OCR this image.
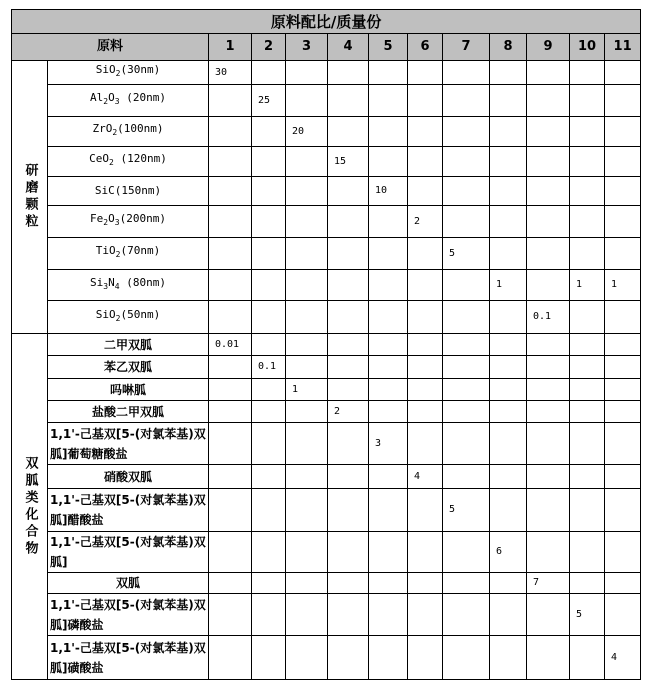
原料配比/质量份												
原料		1	2	3	4	5	6	7	8	9	10	11
研磨颗粒	SiO$_2$(30nm)	30										
	$Al_2O_3$ (20nm)		25									
	ZrO$_2$(100nm)			20								
	CeO$_2$ (120nm)				15							
	SiC(150nm)					10						
	$Fe_2O_3(200nm)$						2					
	TiO$_2$(70nm)							5				
	$Si_3N_4$ (80nm)								1		1	1
	SiO$_2$(50nm)									0.1		
双胍类化合物	二甲双胍	0.01										
	苯乙双胍		0.1									
	吗啉胍			1								
	盐酸二甲双胍				2							
	1,1'-己基双[5-(对氯苯基)双胍]葡萄糖酸盐					3						
	硝酸双胍						4					
	1,1'-己基双[5-(对氯苯基)双胍]醋酸盐							5				
	1,1'-己基双[5-(对氯苯基)双胍]								6			
	双胍									7		
	1,1'-己基双[5-(对氯苯基)双胍]磷酸盐										5	
	1,1'-己基双[5-(对氯苯基)双胍]磺酸盐											4
